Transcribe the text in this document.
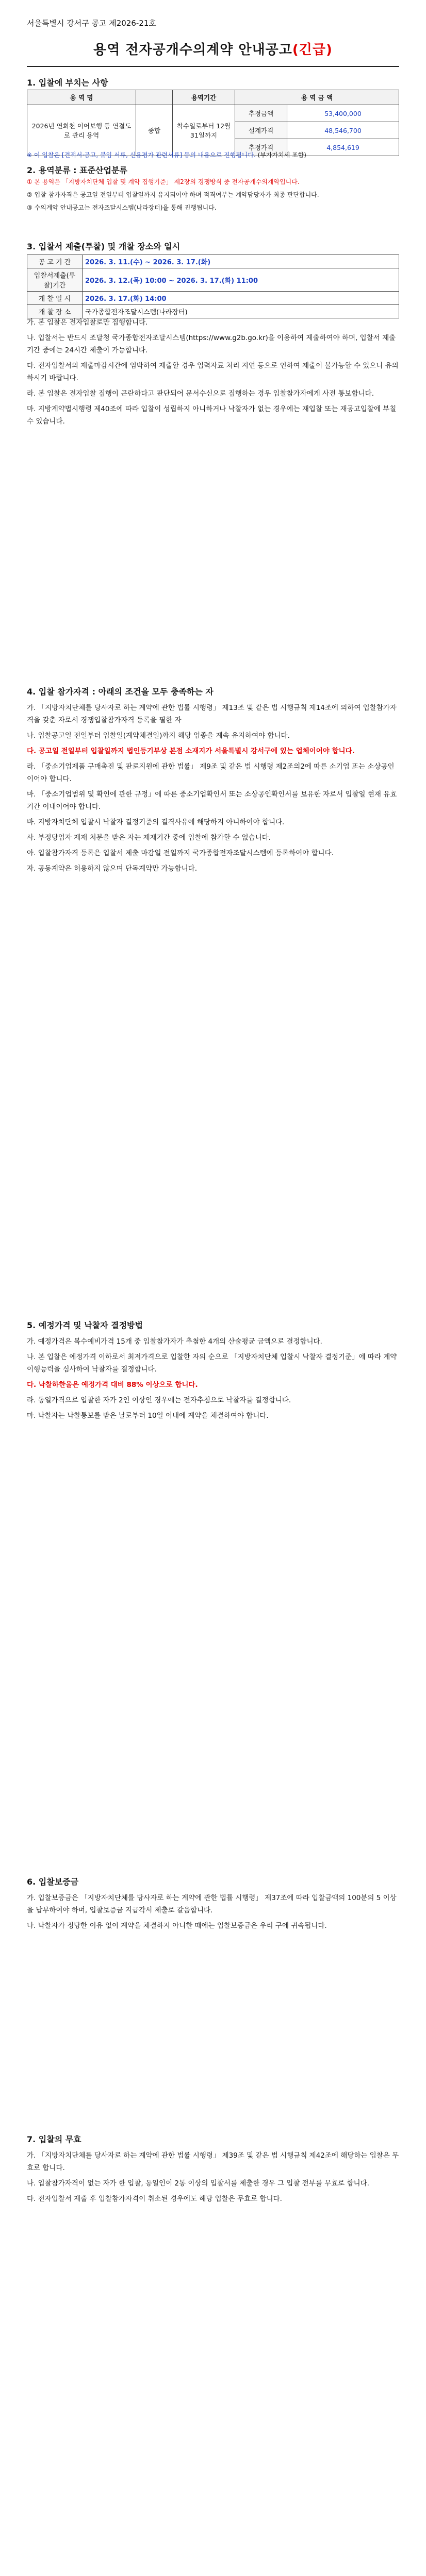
서울특별시 강서구 공고 제2026-21호
용역 전자공개수의계약 안내공고(긴급)
1. 입찰에 부치는 사항
용 역 명		용역기간	용 역 금 액	
2026년 연희천 이어보행 등 연결도로 관리 용역	종합	착수일로부터 12월 31일까지	추정금액	53,400,000
			설계가격	48,546,700
			추정가격	4,854,619
※ 이 입찰은 [견적서·공고, 붙임 서류, 신용평가 관련서류] 등의 내용으로 진행됩니다. (부가가치세 포함)
2. 용역분류 : 표준산업분류

① 본 용역은 「지방자치단체 입찰 및 계약 집행기준」 제2장의 경쟁방식 중 전자공개수의계약입니다.

② 입찰 참가자격은 공고일 전일부터 입찰일까지 유지되어야 하며 적격여부는 계약담당자가 최종 판단합니다.

③ 수의계약 안내공고는 전자조달시스템(나라장터)을 통해 진행됩니다.

3. 입찰서 제출(투찰) 및 개찰 장소와 일시
공 고 기 간	2026. 3. 11.(수) ~ 2026. 3. 17.(화)
입찰서제출(투찰)기간	2026. 3. 12.(목) 10:00 ~ 2026. 3. 17.(화) 11:00
개 찰 일 시	2026. 3. 17.(화) 14:00
개 찰 장 소	국가종합전자조달시스템(나라장터)

가. 본 입찰은 전자입찰로만 집행합니다.

나. 입찰서는 반드시 조달청 국가종합전자조달시스템(https://www.g2b.go.kr)을 이용하여 제출하여야 하며, 입찰서 제출기간 중에는 24시간 제출이 가능합니다.

다. 전자입찰서의 제출마감시간에 임박하여 제출할 경우 입력자료 처리 지연 등으로 인하여 제출이 불가능할 수 있으니 유의하시기 바랍니다.

라. 본 입찰은 전자입찰 집행이 곤란하다고 판단되어 문서수신으로 집행하는 경우 입찰참가자에게 사전 통보합니다.

마. 지방계약법시행령 제40조에 따라 입찰이 성립하지 아니하거나 낙찰자가 없는 경우에는 재입찰 또는 재공고입찰에 부칠 수 있습니다.

4. 입찰 참가자격 : 아래의 조건을 모두 충족하는 자

가. 「지방자치단체를 당사자로 하는 계약에 관한 법률 시행령」 제13조 및 같은 법 시행규칙 제14조에 의하여 입찰참가자격을 갖춘 자로서 경쟁입찰참가자격 등록을 필한 자

나. 입찰공고일 전일부터 입찰일(계약체결일)까지 해당 업종을 계속 유지하여야 합니다.

다. 공고일 전일부터 입찰일까지 법인등기부상 본점 소재지가 서울특별시 강서구에 있는 업체이어야 합니다.

라. 「중소기업제품 구매촉진 및 판로지원에 관한 법률」 제9조 및 같은 법 시행령 제2조의2에 따른 소기업 또는 소상공인이어야 합니다.

마. 「중소기업범위 및 확인에 관한 규정」에 따른 중소기업확인서 또는 소상공인확인서를 보유한 자로서 입찰일 현재 유효기간 이내이어야 합니다.

바. 지방자치단체 입찰시 낙찰자 결정기준의 결격사유에 해당하지 아니하여야 합니다.

사. 부정당업자 제재 처분을 받은 자는 제재기간 중에 입찰에 참가할 수 없습니다.

아. 입찰참가자격 등록은 입찰서 제출 마감일 전일까지 국가종합전자조달시스템에 등록하여야 합니다.

자. 공동계약은 허용하지 않으며 단독계약만 가능합니다.

5. 예정가격 및 낙찰자 결정방법

가. 예정가격은 복수예비가격 15개 중 입찰참가자가 추첨한 4개의 산술평균 금액으로 결정합니다.

나. 본 입찰은 예정가격 이하로서 최저가격으로 입찰한 자의 순으로 「지방자치단체 입찰시 낙찰자 결정기준」에 따라 계약이행능력을 심사하여 낙찰자를 결정합니다.

다. 낙찰하한율은 예정가격 대비 88% 이상으로 합니다.

라. 동일가격으로 입찰한 자가 2인 이상인 경우에는 전자추첨으로 낙찰자를 결정합니다.

마. 낙찰자는 낙찰통보를 받은 날로부터 10일 이내에 계약을 체결하여야 합니다.

6. 입찰보증금

가. 입찰보증금은 「지방자치단체를 당사자로 하는 계약에 관한 법률 시행령」 제37조에 따라 입찰금액의 100분의 5 이상을 납부하여야 하며, 입찰보증금 지급각서 제출로 갈음합니다.

나. 낙찰자가 정당한 이유 없이 계약을 체결하지 아니한 때에는 입찰보증금은 우리 구에 귀속됩니다.

7. 입찰의 무효

가. 「지방자치단체를 당사자로 하는 계약에 관한 법률 시행령」 제39조 및 같은 법 시행규칙 제42조에 해당하는 입찰은 무효로 합니다.

나. 입찰참가자격이 없는 자가 한 입찰, 동일인이 2통 이상의 입찰서를 제출한 경우 그 입찰 전부를 무효로 합니다.

다. 전자입찰서 제출 후 입찰참가자격이 취소된 경우에도 해당 입찰은 무효로 합니다.
